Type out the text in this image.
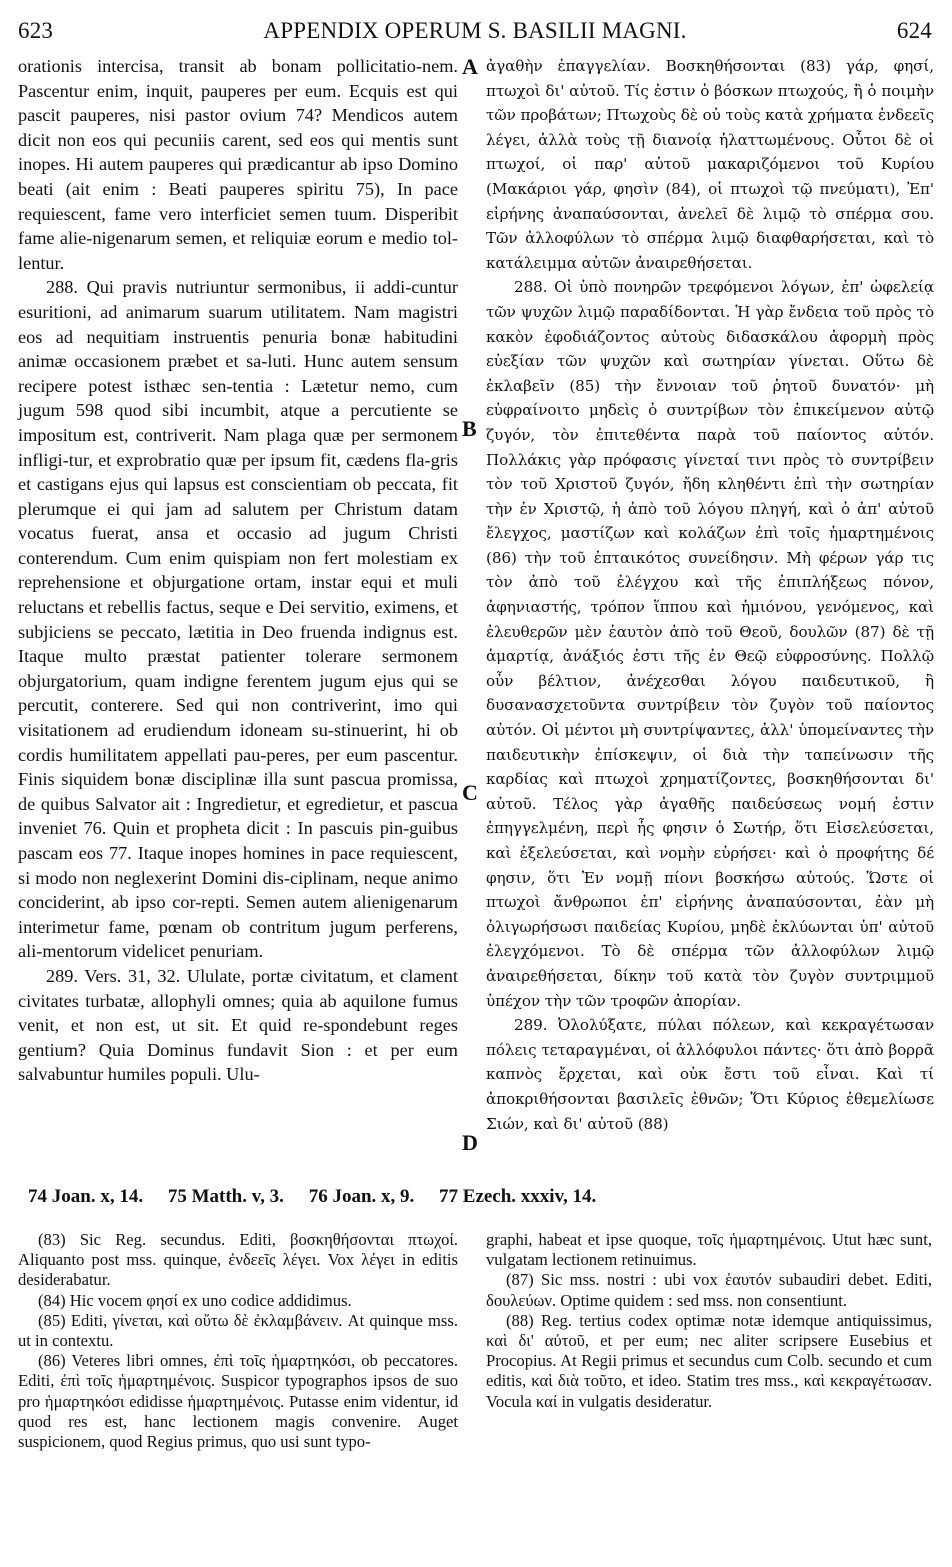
623	APPENDIX OPERUM S. BASILII MAGNI.	624

orationis intercisa, transit ab bonam pollicitatio-nem. Pascentur enim, inquit, pauperes per eum. Ecquis est qui pascit pauperes, nisi pastor ovium 74? Mendicos autem dicit non eos qui pecuniis carent, sed eos qui mentis sunt inopes. Hi autem pauperes qui prædicantur ab ipso Domino beati (ait enim : Beati pauperes spiritu 75), In pace requiescent, fame vero interficiet semen tuum. Disperibit fame alie-nigenarum semen, et reliquiæ eorum e medio tol-lentur.

288. Qui pravis nutriuntur sermonibus, ii addi-cuntur esuritioni, ad animarum suarum utilitatem. Nam magistri eos ad nequitiam instruentis penuria bonæ habitudini animæ occasionem præbet et sa-luti. Hunc autem sensum recipere potest isthæc sen-tentia : Lætetur nemo, cum jugum 598 quod sibi incumbit, atque a percutiente se impositum est, contriverit. Nam plaga quæ per sermonem infligi-tur, et exprobratio quæ per ipsum fit, cædens fla-gris et castigans ejus qui lapsus est conscientiam ob peccata, fit plerumque ei qui jam ad salutem per Christum datam vocatus fuerat, ansa et occasio ad jugum Christi conterendum. Cum enim quispiam non fert molestiam ex reprehensione et objurgatione ortam, instar equi et muli reluctans et rebellis factus, seque e Dei servitio, eximens, et subjiciens se peccato, lætitia in Deo fruenda indignus est. Itaque multo præstat patienter tolerare sermonem objurgatorium, quam indigne ferentem jugum ejus qui se percutit, conterere. Sed qui non contriverint, imo qui visitationem ad erudiendum idoneam su-stinuerint, hi ob cordis humilitatem appellati pau-peres, per eum pascentur. Finis siquidem bonæ disciplinæ illa sunt pascua promissa, de quibus Salvator ait : Ingredietur, et egredietur, et pascua inveniet 76. Quin et propheta dicit : In pascuis pin-guibus pascam eos 77. Itaque inopes homines in pace requiescent, si modo non neglexerint Domini dis-ciplinam, neque animo conciderint, ab ipso cor-repti. Semen autem alienigenarum interimetur fame, pœnam ob contritum jugum perferens, ali-mentorum videlicet penuriam.

289. Vers. 31, 32. Ululate, portæ civitatum, et clament civitates turbatæ, allophyli omnes; quia ab aquilone fumus venit, et non est, ut sit. Et quid re-spondebunt reges gentium? Quia Dominus fundavit Sion : et per eum salvabuntur humiles populi. Ulu-

A
B
C
D

ἀγαθὴν ἐπαγγελίαν. Βοσκηθήσονται (83) γάρ, φησί, πτωχοὶ δι' αὐτοῦ. Τίς ἐστιν ὁ βόσκων πτωχούς, ἢ ὁ ποιμὴν τῶν προβάτων; Πτωχοὺς δὲ οὐ τοὺς κατὰ χρήματα ἐνδεεῖς λέγει, ἀλλὰ τοὺς τῇ διανοίᾳ ἠλαττωμένους. Οὗτοι δὲ οἱ πτωχοί, οἱ παρ' αὐτοῦ μακαριζόμενοι τοῦ Κυρίου (Μακάριοι γάρ, φησὶν (84), οἱ πτωχοὶ τῷ πνεύματι), Ἐπ' εἰρήνης ἀναπαύσονται, ἀνελεῖ δὲ λιμῷ τὸ σπέρμα σου. Τῶν ἀλλοφύλων τὸ σπέρμα λιμῷ διαφθαρήσεται, καὶ τὸ κατάλειμμα αὐτῶν ἀναιρεθήσεται.

288. Οἱ ὑπὸ πονηρῶν τρεφόμενοι λόγων, ἐπ' ὠφελείᾳ τῶν ψυχῶν λιμῷ παραδίδονται. Ἡ γὰρ ἔνδεια τοῦ πρὸς τὸ κακὸν ἐφοδιάζοντος αὐτοὺς διδασκάλου ἀφορμὴ πρὸς εὐεξίαν τῶν ψυχῶν καὶ σωτηρίαν γίνεται. Οὕτω δὲ ἐκλαβεῖν (85) τὴν ἔννοιαν τοῦ ῥητοῦ δυνατόν· μὴ εὐφραίνοιτο μηδεὶς ὁ συντρίβων τὸν ἐπικείμενον αὐτῷ ζυγόν, τὸν ἐπιτεθέντα παρὰ τοῦ παίοντος αὐτόν. Πολλάκις γὰρ πρόφασις γίνεταί τινι πρὸς τὸ συντρίβειν τὸν τοῦ Χριστοῦ ζυγόν, ἤδη κληθέντι ἐπὶ τὴν σωτηρίαν τὴν ἐν Χριστῷ, ἡ ἀπὸ τοῦ λόγου πληγή, καὶ ὁ ἀπ' αὐτοῦ ἔλεγχος, μαστίζων καὶ κολάζων ἐπὶ τοῖς ἡμαρτημένοις (86) τὴν τοῦ ἐπταικότος συνείδησιν. Μὴ φέρων γάρ τις τὸν ἀπὸ τοῦ ἐλέγχου καὶ τῆς ἐπιπλήξεως πόνον, ἀφηνιαστής, τρόπον ἵππου καὶ ἡμιόνου, γενόμενος, καὶ ἐλευθερῶν μὲν ἑαυτὸν ἀπὸ τοῦ Θεοῦ, δουλῶν (87) δὲ τῇ ἁμαρτίᾳ, ἀνάξιός ἐστι τῆς ἐν Θεῷ εὐφροσύνης. Πολλῷ οὖν βέλτιον, ἀνέχεσθαι λόγου παιδευτικοῦ, ἢ δυσανασχετοῦντα συντρίβειν τὸν ζυγὸν τοῦ παίοντος αὐτόν. Οἱ μέντοι μὴ συντρίψαντες, ἀλλ' ὑπομείναντες τὴν παιδευτικὴν ἐπίσκεψιν, οἱ διὰ τὴν ταπείνωσιν τῆς καρδίας καὶ πτωχοὶ χρηματίζοντες, βοσκηθήσονται δι' αὐτοῦ. Τέλος γὰρ ἀγαθῆς παιδεύσεως νομή ἐστιν ἐπηγγελμένη, περὶ ἧς φησιν ὁ Σωτήρ, ὅτι Εἰσελεύσεται, καὶ ἐξελεύσεται, καὶ νομὴν εὑρήσει· καὶ ὁ προφήτης δέ φησιν, ὅτι Ἐν νομῇ πίονι βοσκήσω αὐτούς. Ὥστε οἱ πτωχοὶ ἄνθρωποι ἐπ' εἰρήνης ἀναπαύσονται, ἐὰν μὴ ὀλιγωρήσωσι παιδείας Κυρίου, μηδὲ ἐκλύωνται ὑπ' αὐτοῦ ἐλεγχόμενοι. Τὸ δὲ σπέρμα τῶν ἀλλοφύλων λιμῷ ἀναιρεθήσεται, δίκην τοῦ κατὰ τὸν ζυγὸν συντριμμοῦ ὑπέχον τὴν τῶν τροφῶν ἀπορίαν.

289. Ὀλολύξατε, πύλαι πόλεων, καὶ κεκραγέτωσαν πόλεις τεταραγμέναι, οἱ ἀλλόφυλοι πάντες· ὅτι ἀπὸ βορρᾶ καπνὸς ἔρχεται, καὶ οὐκ ἔστι τοῦ εἶναι. Καὶ τί ἀποκριθήσονται βασιλεῖς ἐθνῶν; Ὅτι Κύριος ἐθεμελίωσε Σιών, καὶ δι' αὐτοῦ (88)

74 Joan. x, 14. 75 Matth. v, 3. 76 Joan. x, 9. 77 Ezech. xxxiv, 14.

(83) Sic Reg. secundus. Editi, βοσκηθήσονται πτωχοί. Aliquanto post mss. quinque, ἐνδεεῖς λέγει. Vox λέγει in editis desiderabatur.

(84) Hic vocem φησί ex uno codice addidimus.

(85) Editi, γίνεται, καὶ οὕτω δὲ ἐκλαμβάνειν. At quinque mss. ut in contextu.

(86) Veteres libri omnes, ἐπὶ τοῖς ἡμαρτηκόσι, ob peccatores. Editi, ἐπὶ τοῖς ἡμαρτημένοις. Suspicor typographos ipsos de suo pro ἡμαρτηκόσι edidisse ἡμαρτημένοις. Putasse enim videntur, id quod res est, hanc lectionem magis convenire. Auget suspicionem, quod Regius primus, quo usi sunt typo-

graphi, habeat et ipse quoque, τοῖς ἡμαρτημένοις. Utut hæc sunt, vulgatam lectionem retinuimus.

(87) Sic mss. nostri : ubi vox ἑαυτόν subaudiri debet. Editi, δουλεύων. Optime quidem : sed mss. non consentiunt.

(88) Reg. tertius codex optimæ notæ idemque antiquissimus, καὶ δι' αὐτοῦ, et per eum; nec aliter scripsere Eusebius et Procopius. At Regii primus et secundus cum Colb. secundo et cum editis, καὶ διὰ τοῦτο, et ideo. Statim tres mss., καὶ κεκραγέτωσαν. Vocula καί in vulgatis desideratur.
